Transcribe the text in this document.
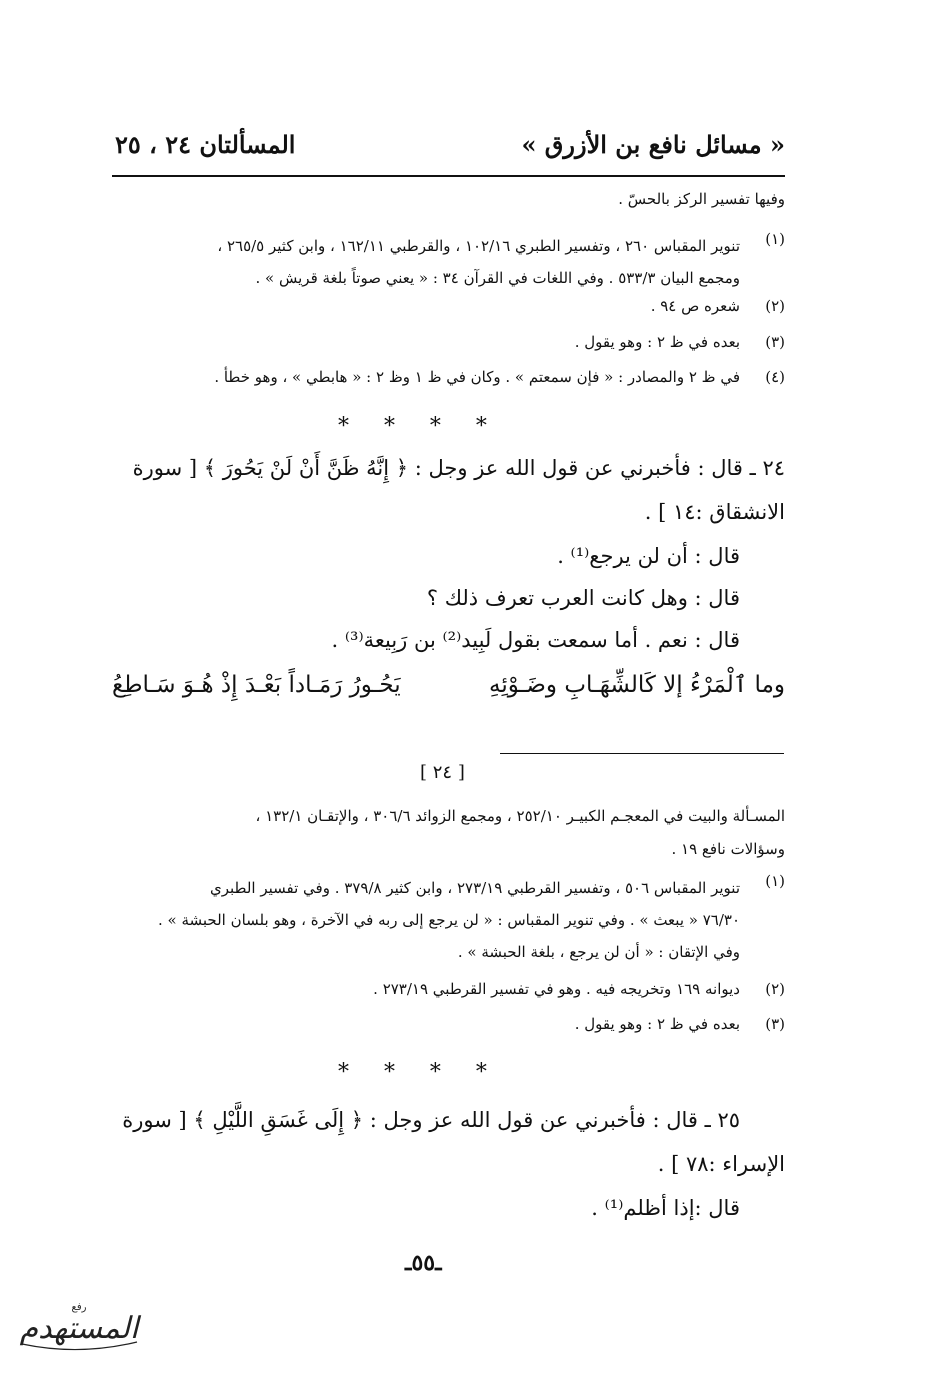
« مسائل نافع بن الأزرق »
المسألتان ٢٤ ، ٢٥
وفيها تفسير الركز بالحسّ .
(١)
تنوير المقباس ٢٦٠ ، وتفسير الطبري ١٠٢/١٦ ، والقرطبي ١٦٢/١١ ، وابن كثير ٢٦٥/٥ ،
ومجمع البيان ٥٣٣/٣ . وفي اللغات في القرآن ٣٤ : « يعني صوتاً بلغة قريش » .
(٢)
شعره ص ٩٤ .
(٣)
بعده في ظ ٢ : وهو يقول .
(٤)
في ظ ٢ والمصادر : « فإن سمعتم » . وكان في ظ ١ وظ ٢ : « هابطي » ، وهو خطأ .
*     *     *     *
٢٤ ـ قال : فأخبرني عن قول الله عز وجل : ﴿ إِنَّهُ ظَنَّ أَنْ لَنْ يَحُورَ ﴾ [ سورة
الانشقاق :١٤ ] .
قال : أن لن يرجع⁽¹⁾ .
قال : وهل كانت العرب تعرف ذلك ؟
قال : نعم . أما سمعت بقول لَبِيد⁽²⁾ بن رَبِيعة⁽³⁾ .
وما ٱلْمَرْءُ إلا كَالشِّهَـابِ وضَـوْئِهِ
يَحُـورُ رَمَـاداً بَعْـدَ إِذْ هُـوَ سَـاطِعُ
[ ٢٤ ]
المسـألة والبيت في المعجـم الكبيـر ٢٥٢/١٠ ، ومجمع الزوائد ٣٠٦/٦ ، والإتقـان ١٣٢/١ ،
وسؤالات نافع ١٩ .
(١)
تنوير المقباس ٥٠٦ ، وتفسير القرطبي ٢٧٣/١٩ ، وابن كثير ٣٧٩/٨ . وفي تفسير الطبري
٧٦/٣٠ « يبعث » . وفي تنوير المقباس : « لن يرجع إلى ربه في الآخرة ، وهو بلسان الحبشة » .
وفي الإتقان : « أن لن يرجع ، بلغة الحبشة » .
(٢)
ديوانه ١٦٩ وتخريجه فيه . وهو في تفسير القرطبي ٢٧٣/١٩ .
(٣)
بعده في ظ ٢ : وهو يقول .
*     *     *     *
٢٥ ـ قال : فأخبرني عن قول الله عز وجل : ﴿ إِلَى غَسَقِ اللَّيْلِ ﴾ [ سورة
الإسراء :٧٨ ] .
قال :إذا أظلم⁽¹⁾ .
ـ٥٥ـ
رفع
المستهدم
